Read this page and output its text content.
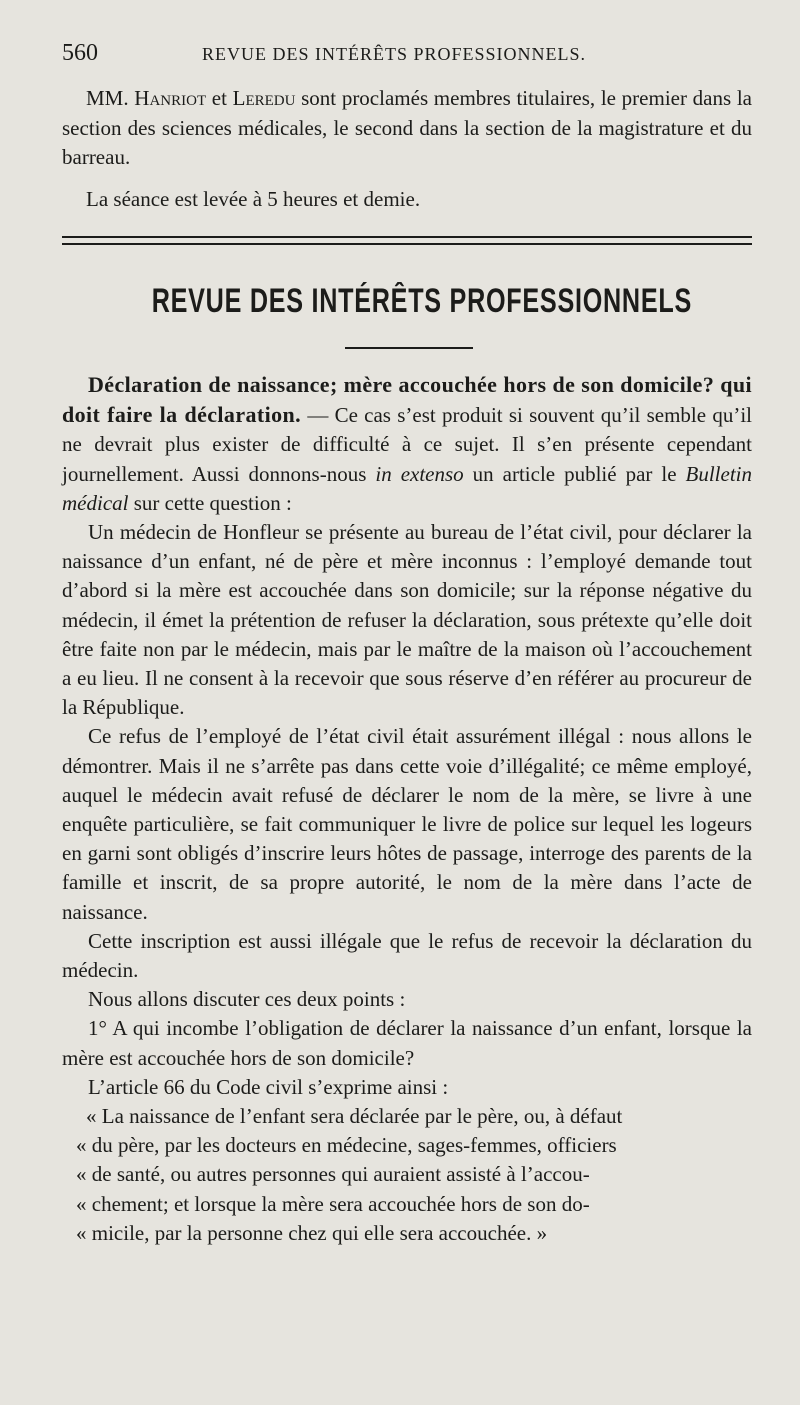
560	REVUE DES INTÉRÊTS PROFESSIONNELS.

MM. Hanriot et Leredu sont proclamés membres titulaires, le premier dans la section des sciences médicales, le second dans la section de la magistrature et du barreau.

La séance est levée à 5 heures et demie.

REVUE DES INTÉRÊTS PROFESSIONNELS

Déclaration de naissance; mère accouchée hors de son domicile? qui doit faire la déclaration. — Ce cas s’est produit si souvent qu’il semble qu’il ne devrait plus exister de difficulté à ce sujet. Il s’en présente cependant journellement. Aussi donnons-nous in extenso un article publié par le Bulletin médical sur cette question :

Un médecin de Honfleur se présente au bureau de l’état civil, pour déclarer la naissance d’un enfant, né de père et mère inconnus : l’employé demande tout d’abord si la mère est accouchée dans son domicile; sur la réponse négative du médecin, il émet la prétention de refuser la déclaration, sous prétexte qu’elle doit être faite non par le médecin, mais par le maître de la maison où l’accouchement a eu lieu. Il ne consent à la recevoir que sous réserve d’en référer au procureur de la République.

Ce refus de l’employé de l’état civil était assurément illégal : nous allons le démontrer. Mais il ne s’arrête pas dans cette voie d’illégalité; ce même employé, auquel le médecin avait refusé de déclarer le nom de la mère, se livre à une enquête particulière, se fait communiquer le livre de police sur lequel les logeurs en garni sont obligés d’inscrire leurs hôtes de passage, interroge des parents de la famille et inscrit, de sa propre autorité, le nom de la mère dans l’acte de naissance.

Cette inscription est aussi illégale que le refus de recevoir la déclaration du médecin.

Nous allons discuter ces deux points :

1° A qui incombe l’obligation de déclarer la naissance d’un enfant, lorsque la mère est accouchée hors de son domicile?

L’article 66 du Code civil s’exprime ainsi :

« La naissance de l’enfant sera déclarée par le père, ou, à défaut

« du père, par les docteurs en médecine, sages-femmes, officiers

« de santé, ou autres personnes qui auraient assisté à l’accou-

« chement; et lorsque la mère sera accouchée hors de son do-

« micile, par la personne chez qui elle sera accouchée. »
